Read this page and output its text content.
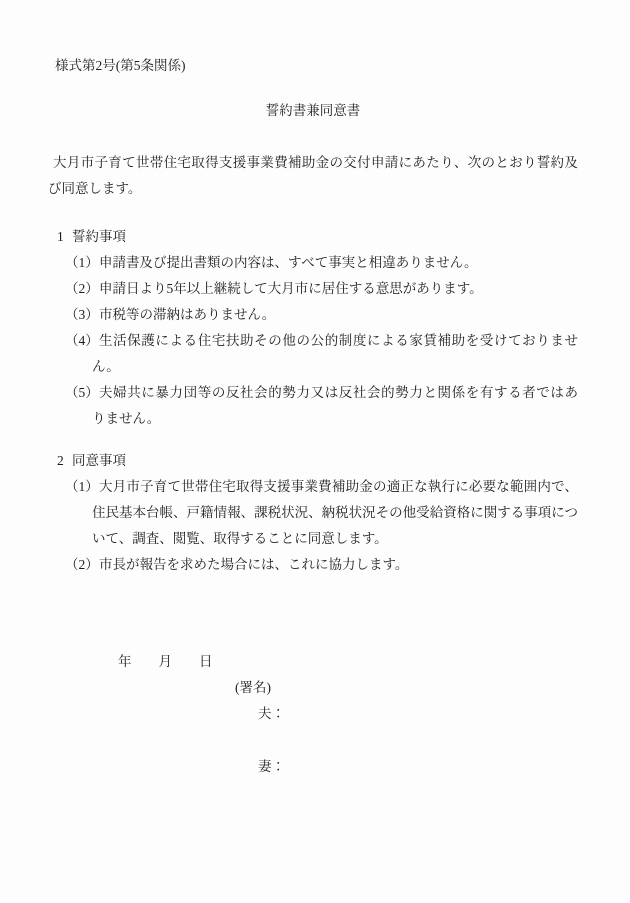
様式第2号(第5条関係)
誓約書兼同意書
大月市子育て世帯住宅取得支援事業費補助金の交付申請にあたり、次のとおり誓約及
び同意します。
1 誓約事項
（1） 申請書及び提出書類の内容は、すべて事実と相違ありません。
（2） 申請日より5年以上継続して大月市に居住する意思があります。
（3） 市税等の滞納はありません。
（4） 生活保護による住宅扶助その他の公的制度による家賃補助を受けておりませ
ん。
（5） 夫婦共に暴力団等の反社会的勢力又は反社会的勢力と関係を有する者ではあ
りません。
2 同意事項
（1） 大月市子育て世帯住宅取得支援事業費補助金の適正な執行に必要な範囲内で、
住民基本台帳、戸籍情報、課税状況、納税状況その他受給資格に関する事項につ
いて、調査、閲覧、取得することに同意します。
（2） 市長が報告を求めた場合には、これに協力します。
年　　月　　日
(署名)
夫：
妻：
